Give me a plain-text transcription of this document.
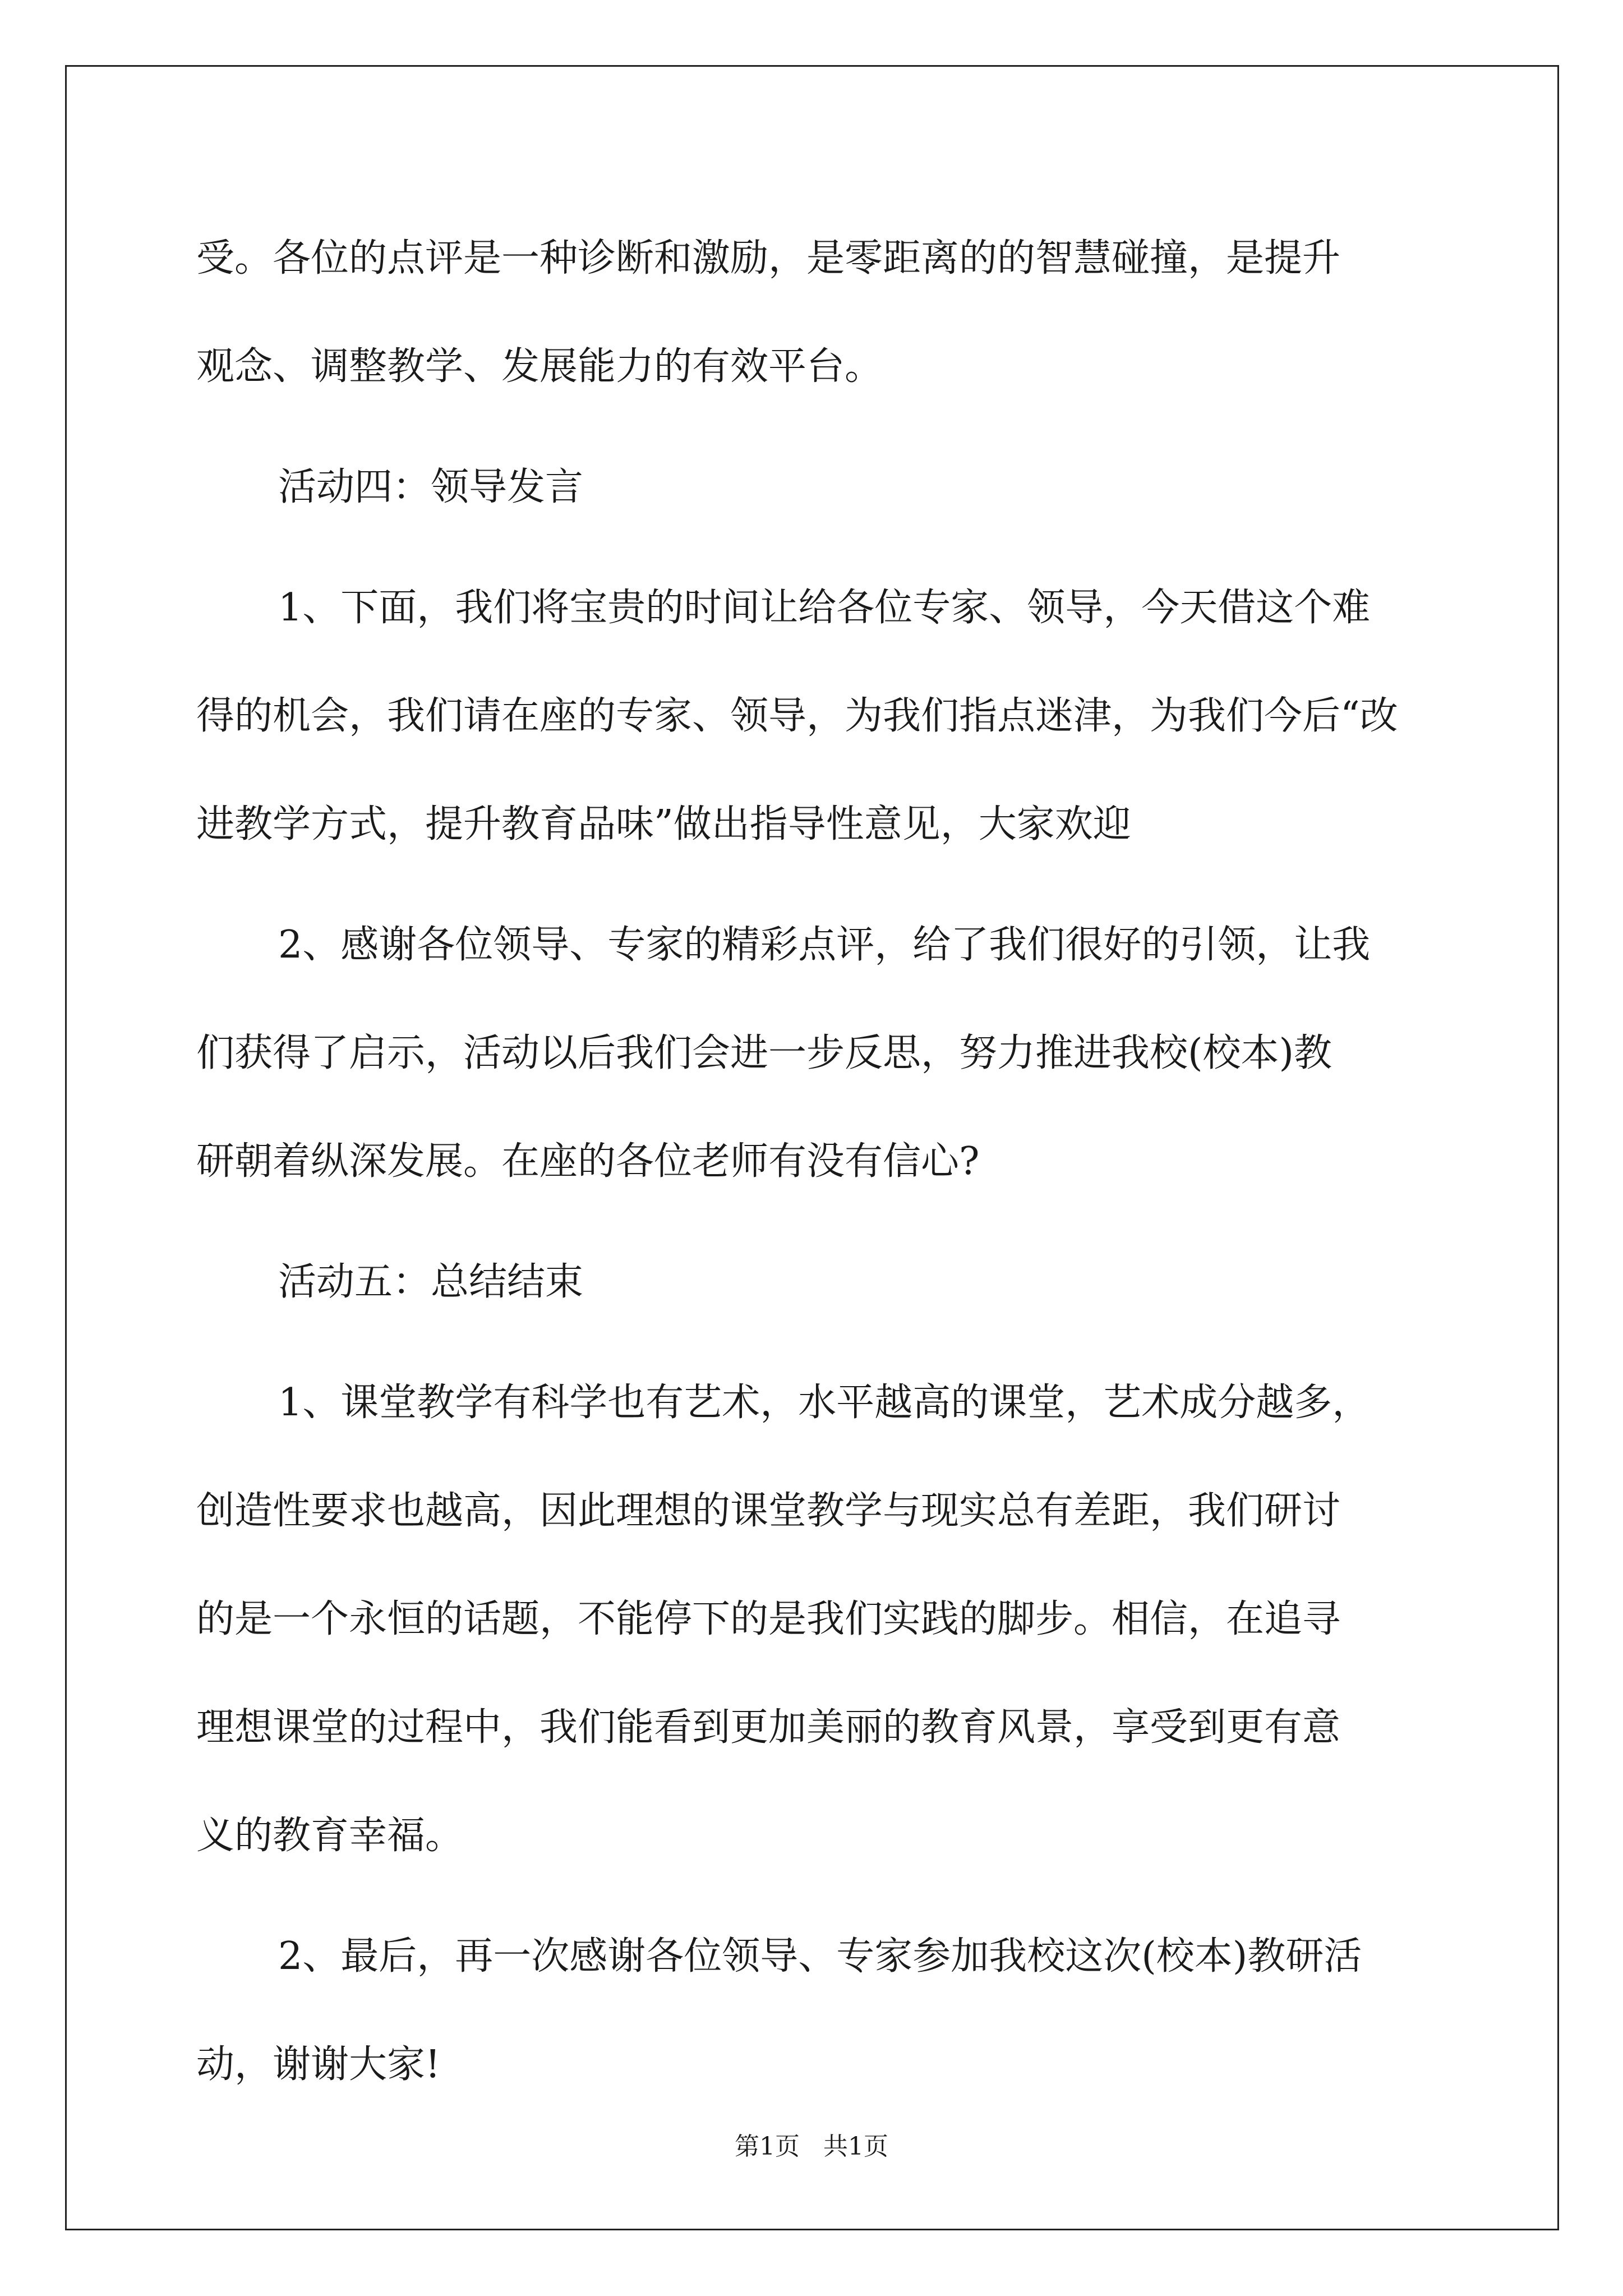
受。各位的点评是一种诊断和激励，是零距离的的智慧碰撞，是提升
观念、调整教学、发展能力的有效平台。
活动四：领导发言
1、下面，我们将宝贵的时间让给各位专家、领导，今天借这个难
得的机会，我们请在座的专家、领导，为我们指点迷津，为我们今后“改
进教学方式，提升教育品味”做出指导性意见，大家欢迎
2、感谢各位领导、专家的精彩点评，给了我们很好的引领，让我
们获得了启示，活动以后我们会进一步反思，努力推进我校(校本)教
研朝着纵深发展。在座的各位老师有没有信心?
活动五：总结结束
1、课堂教学有科学也有艺术，水平越高的课堂，艺术成分越多，
创造性要求也越高，因此理想的课堂教学与现实总有差距，我们研讨
的是一个永恒的话题，不能停下的是我们实践的脚步。相信，在追寻
理想课堂的过程中，我们能看到更加美丽的教育风景，享受到更有意
义的教育幸福。
2、最后，再一次感谢各位领导、专家参加我校这次(校本)教研活
动，谢谢大家!
第1页 共1页
